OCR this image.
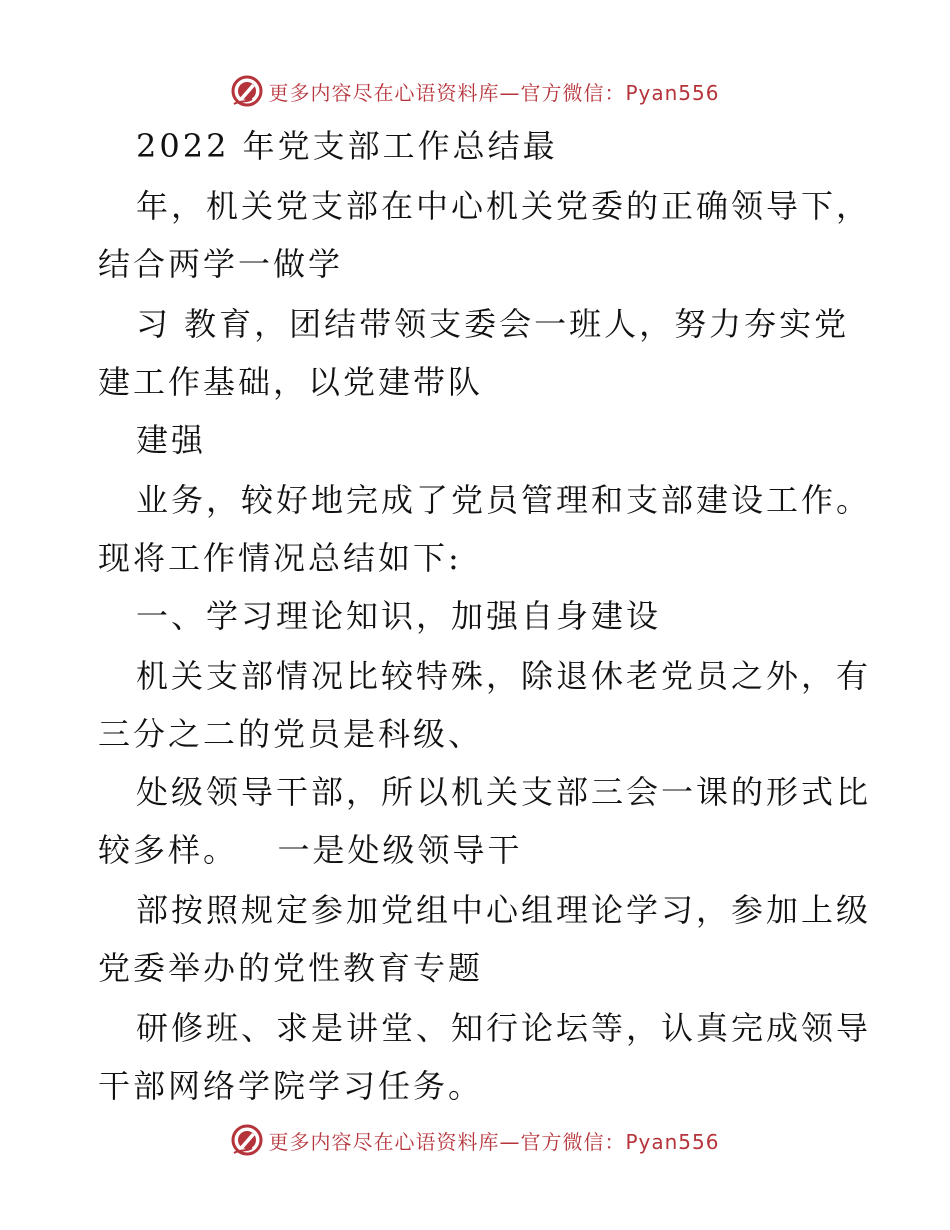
更多内容尽在心语资料库—官方微信：Pyan556
2022 年党支部工作总结最
年，机关党支部在中心机关党委的正确领导下，
结合两学一做学
习 教育，团结带领支委会一班人，努力夯实党
建工作基础，以党建带队
建强
业务，较好地完成了党员管理和支部建设工作。
现将工作情况总结如下:
一、学习理论知识，加强自身建设
机关支部情况比较特殊，除退休老党员之外，有
三分之二的党员是科级、
处级领导干部，所以机关支部三会一课的形式比
较多样。   一是处级领导干
部按照规定参加党组中心组理论学习，参加上级
党委举办的党性教育专题
研修班、求是讲堂、知行论坛等，认真完成领导
干部网络学院学习任务。
更多内容尽在心语资料库—官方微信：Pyan556
